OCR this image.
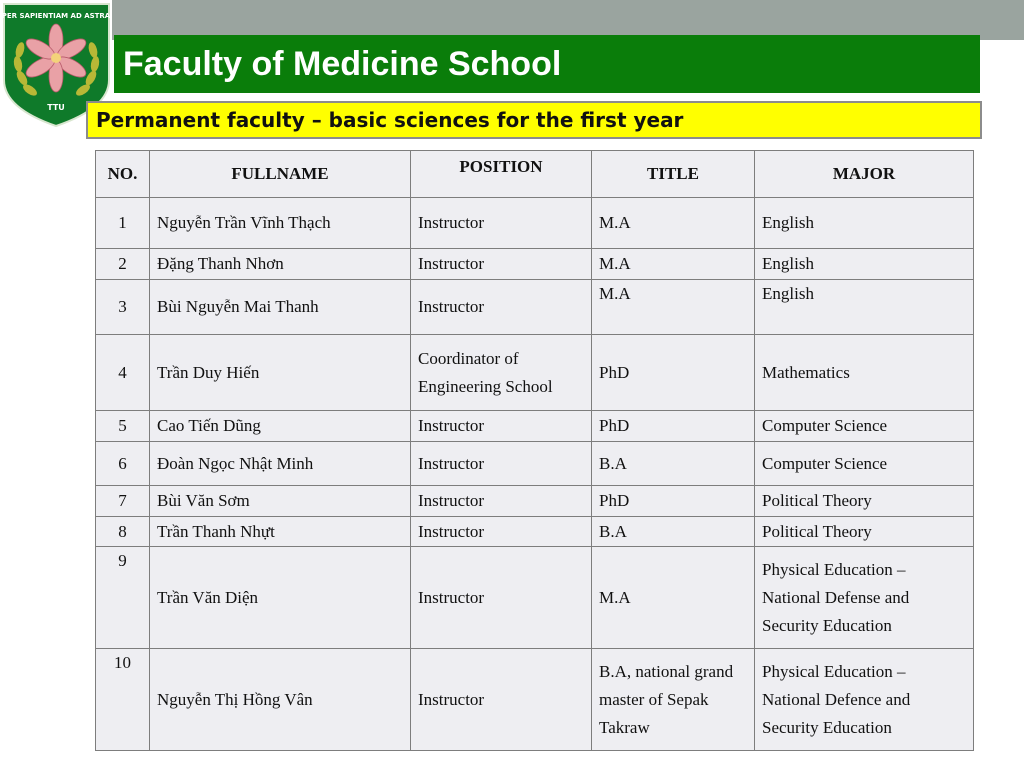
PER SAPIENTIAM AD ASTRA
TTU
Faculty of Medicine School
Permanent faculty – basic sciences for the first year
NO.	FULLNAME	POSITION	TITLE	MAJOR
1	Nguyễn Trần Vĩnh Thạch	Instructor	M.A	English
2	Đặng Thanh Nhơn	Instructor	M.A	English
3	Bùi Nguyễn Mai Thanh	Instructor	M.A	English
4	Trần Duy Hiến	Coordinator of Engineering School	PhD	Mathematics
5	Cao Tiến Dũng	Instructor	PhD	Computer Science
6	Đoàn Ngọc Nhật Minh	Instructor	B.A	Computer Science
7	Bùi Văn Sơm	Instructor	PhD	Political Theory
8	Trần Thanh Nhựt	Instructor	B.A	Political Theory
9	Trần Văn Diện	Instructor	M.A	Physical Education – National Defense and Security Education
10	Nguyễn Thị Hồng Vân	Instructor	B.A, national grand master of Sepak Takraw	Physical Education – National Defence and Security Education
